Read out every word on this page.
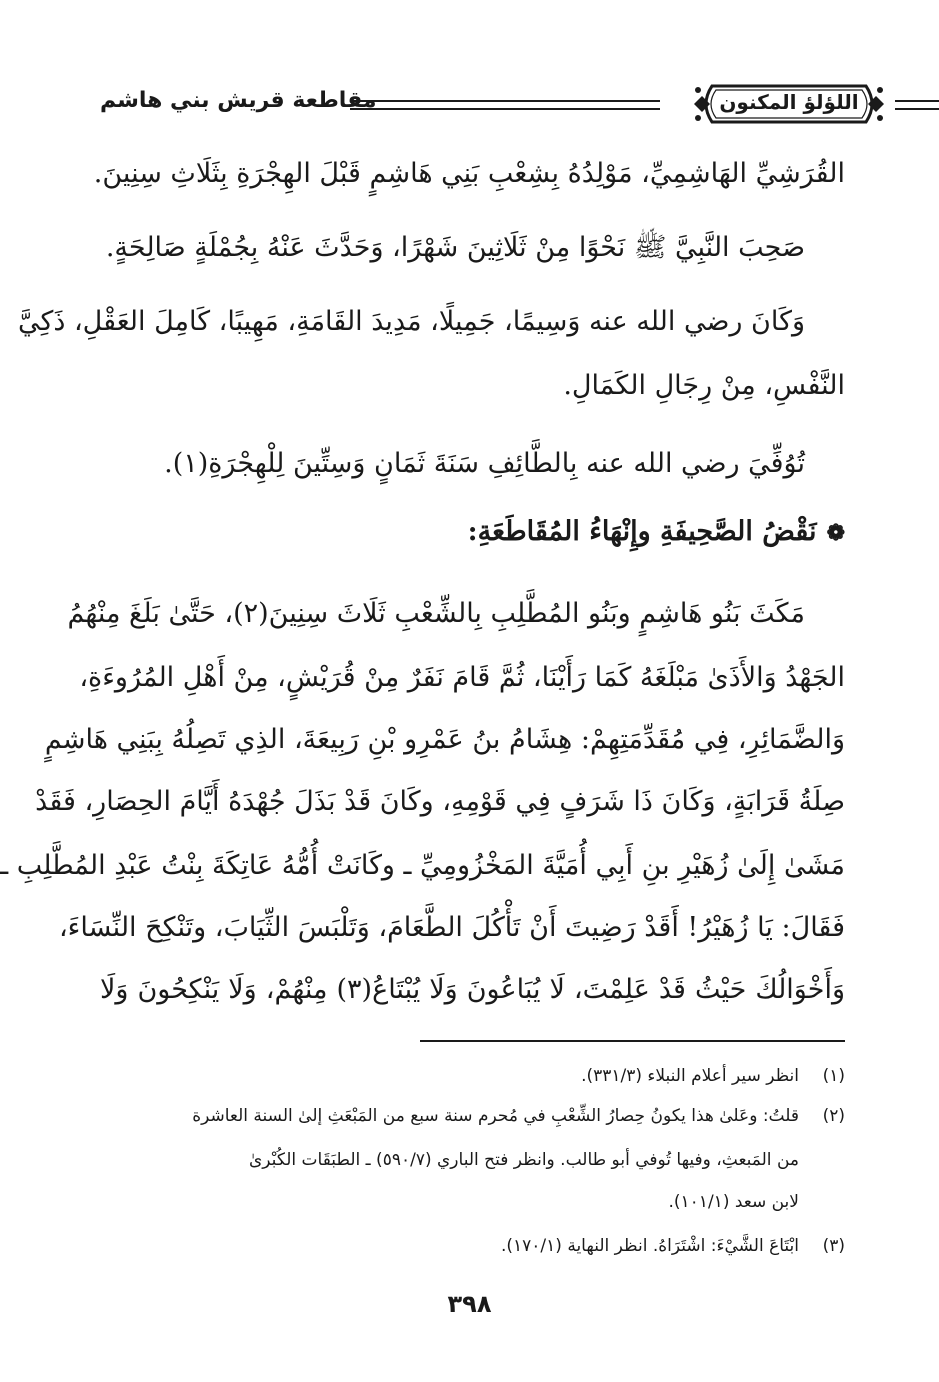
مقاطعة قريش بني هاشم	اللؤلؤ المكنون
القُرَشِيِّ الهَاشِمِيِّ، مَوْلِدُهُ بِشِعْبِ بَنِي هَاشِمٍ قَبْلَ الهِجْرَةِ بِثَلَاثِ سِنِينَ.
صَحِبَ النَّبِيَّ ﷺ نَحْوًا مِنْ ثَلَاثِينَ شَهْرًا، وَحَدَّثَ عَنْهُ بِجُمْلَةٍ صَالِحَةٍ.
وَكَانَ رضي الله عنه وَسِيمًا، جَمِيلًا، مَدِيدَ القَامَةِ، مَهِيبًا، كَامِلَ العَقْلِ، ذَكِيَّ
النَّفْسِ، مِنْ رِجَالِ الكَمَالِ.
تُوُفِّيَ رضي الله عنه بِالطَّائِفِ سَنَةَ ثَمَانٍ وَسِتِّينَ لِلْهِجْرَةِ(١).
❁نَقْضُ الصَّحِيفَةِ وإِنْهَاءُ المُقَاطَعَةِ:
مَكَثَ بَنُو هَاشِمٍ وبَنُو المُطَّلِبِ بِالشِّعْبِ ثَلَاثَ سِنِينَ(٢)، حَتَّىٰ بَلَغَ مِنْهُمُ
الجَهْدُ وَالأَذَىٰ مَبْلَغَهُ كَمَا رَأَيْنَا، ثُمَّ قَامَ نَفَرٌ مِنْ قُرَيْشٍ، مِنْ أَهْلِ المُرُوءَةِ،
وَالضَّمَائِرِ، فِي مُقَدِّمَتِهِمْ: هِشَامُ بنُ عَمْرِو بْنِ رَبِيعَةَ، الذِي تَصِلُهُ بِبَنِي هَاشِمٍ
صِلَةُ قَرَابَةٍ، وَكَانَ ذَا شَرَفٍ فِي قَوْمِهِ، وكَانَ قَدْ بَذَلَ جُهْدَهُ أَيَّامَ الحِصَارِ، فَقَدْ
مَشَىٰ إِلَىٰ زُهَيْرِ بنِ أَبِي أُمَيَّةَ المَخْزُومِيِّ ـ وكَانَتْ أُمُّهُ عَاتِكَةَ بِنْتُ عَبْدِ المُطَّلِبِ ـ
فَقَالَ: يَا زُهَيْرُ! أَقَدْ رَضِيتَ أَنْ تَأْكُلَ الطَّعَامَ، وَتَلْبَسَ الثِّيَابَ، وتَنْكِحَ النِّسَاءَ،
وَأَخْوَالُكَ حَيْثُ قَدْ عَلِمْتَ، لَا يُبَاعُونَ وَلَا يُبْتَاعُ(٣) مِنْهُمْ، وَلَا يَنْكِحُونَ وَلَا
(١)انظر سير أعلام النبلاء (٣٣١/٣).
(٢)قلتُ: وعَلىٰ هذا يكونُ حِصارُ الشِّعْبِ في مُحرم سنة سبع من المَبْعَثِ إلىٰ السنة العاشرة
من المَبعثِ، وفيها تُوفي أبو طالب. وانظر فتح الباري (٥٩٠/٧) ـ الطبَقَات الكُبْرىٰ
لابن سعد (١٠١/١).
(٣)ابْتَاعَ الشَّيْءَ: اشْتَرَاهُ. انظر النهاية (١٧٠/١).
٣٩٨
